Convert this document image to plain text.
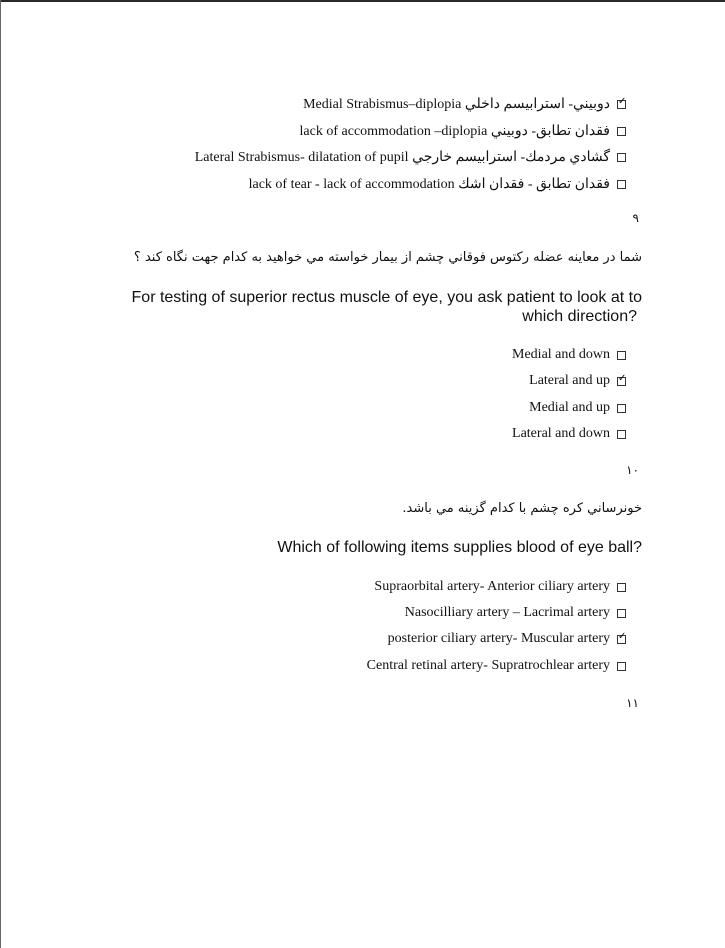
Medial Strabismus–diplopia دوبيني- استرابيسم داخلي
✓
lack of accommodation –diplopia فقدان تطابق- دوبيني
Lateral Strabismus- dilatation of pupil گشادي مردمك- استرابيسم خارجي
lack of tear - lack of accommodation فقدان تطابق - فقدان اشك
۹
شما در معاينه عضله ركتوس فوقاني چشم از بيمار خواسته مي خواهيد به كدام جهت نگاه كند ؟
For testing of superior rectus muscle of eye, you ask patient to look at to
which direction?
Medial and down
Lateral and up
✓
Medial and up
Lateral and down
۱۰
خونرساني كره چشم با كدام گزينه مي باشد.
Which of following items supplies blood of eye ball?
Supraorbital artery- Anterior ciliary artery
Nasocilliary artery – Lacrimal artery
posterior ciliary artery- Muscular artery
✓
Central retinal artery- Supratrochlear artery
۱۱
